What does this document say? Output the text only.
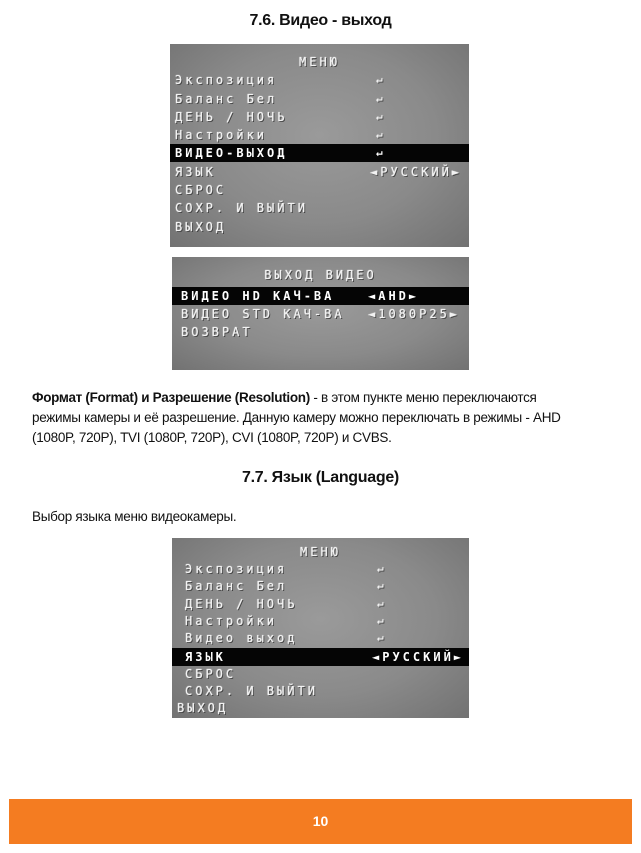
7.6. Видео - выход
МЕНЮ
Экспозиция	↵
Баланс Бел	↵
ДЕНЬ / НОЧЬ	↵
Настройки	↵
ВИДЕО-ВЫХОД	↵
ЯЗЫК	◄РУССКИЙ►
СБРОС
СОХР. И ВЫЙТИ
ВЫХОД
ВЫХОД ВИДЕО
ВИДЕО HD КАЧ-ВА	◄AHD►
ВИДЕО STD КАЧ-ВА ◄1080P25►
ВОЗВРАТ
Формат (Format) и Разрешение (Resolution) - в этом пункте меню переключаются
режимы камеры и её разрешение. Данную камеру можно переключать в режимы - AHD
(1080P, 720P), TVI (1080P, 720P), CVI (1080P, 720P) и CVBS.
7.7. Язык (Language)
Выбор языка меню видеокамеры.
МЕНЮ
Экспозиция	↵
Баланс Бел	↵
ДЕНЬ / НОЧЬ	↵
Настройки	↵
Видео выход	↵
ЯЗЫК	◄РУССКИЙ►
СБРОС
СОХР. И ВЫЙТИ
ВЫХОД
10
